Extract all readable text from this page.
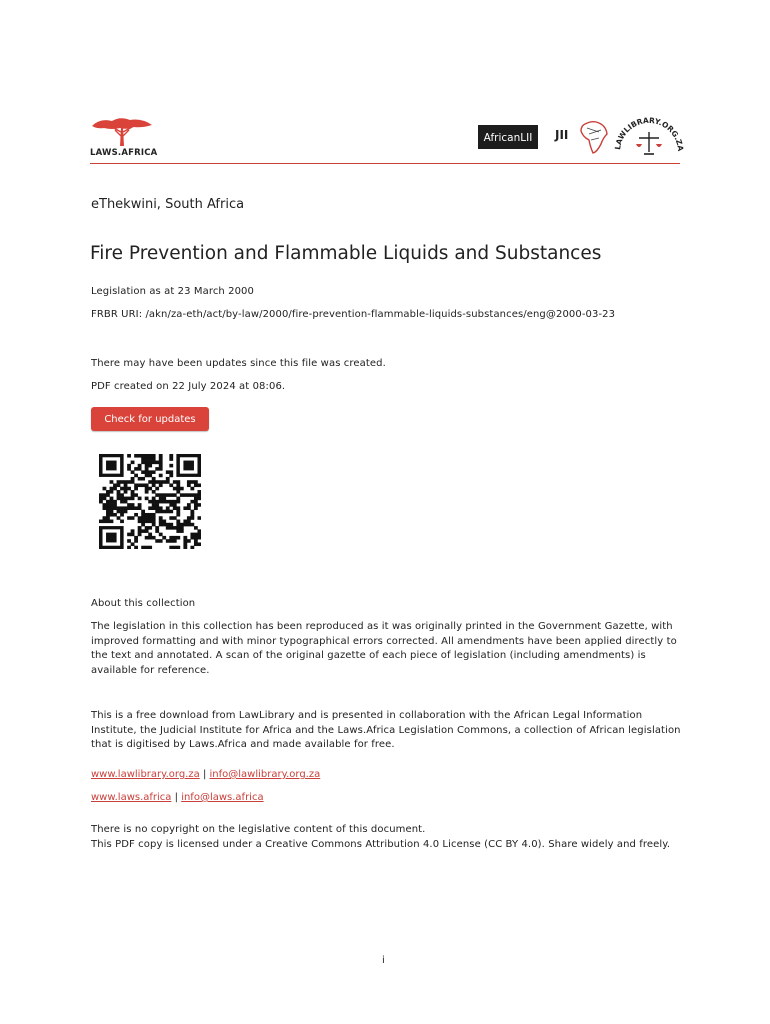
LAWS.AFRICA
AfricanLII	JII
LAWLIBRARY.ORG.Z
eThekwini, South Africa
Fire Prevention and Flammable Liquids and Substances
Legislation as at 23 March 2000
FRBR URI: /akn/za-eth/act/by-law/2000/fire-prevention-flammable-liquids-substances/eng@2000-03-23
There may have been updates since this file was created.
PDF created on 22 July 2024 at 08:06.
Check for updates
About this collection

The legislation in this collection has been reproduced as it was originally printed in the Government Gazette, with improved formatting and with minor typographical errors corrected. All amendments have been applied directly to the text and annotated. A scan of the original gazette of each piece of legislation (including amendments) is available for reference.

This is a free download from LawLibrary and is presented in collaboration with the African Legal Information Institute, the Judicial Institute for Africa and the Laws.Africa Legislation Commons, a collection of African legislation that is digitised by Laws.Africa and made available for free.

www.lawlibrary.org.za | info@lawlibrary.org.za
www.laws.africa | info@laws.africa
There is no copyright on the legislative content of this document.
This PDF copy is licensed under a Creative Commons Attribution 4.0 License (CC BY 4.0). Share widely and freely.
i
